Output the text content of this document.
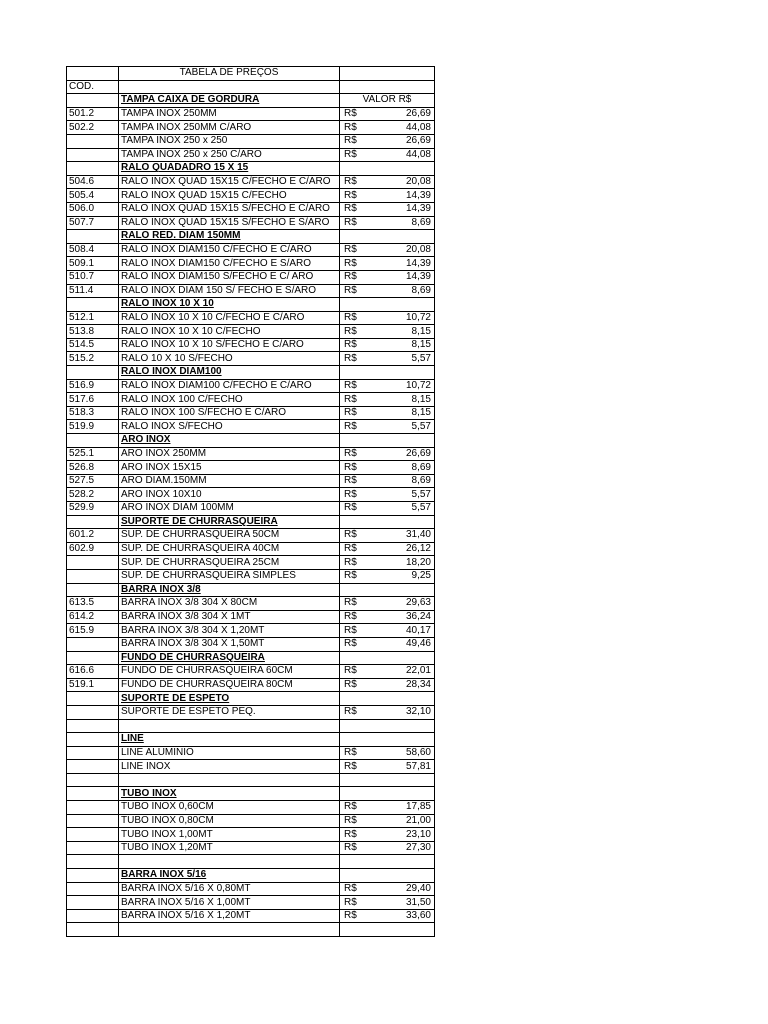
	TABELA DE PREÇOS	
COD.		
	TAMPA CAIXA DE GORDURA	VALOR R$
501.2	TAMPA INOX 250MM	R$ 26,69

502.2	TAMPA INOX 250MM C/ARO	R$ 44,08

	TAMPA INOX 250 x 250	R$ 26,69

	TAMPA INOX 250 x 250 C/ARO	R$ 44,08

	RALO QUADADRO 15 X 15	
504.6	RALO INOX QUAD 15X15 C/FECHO E C/ARO	R$ 20,08

505.4	RALO INOX QUAD 15X15 C/FECHO	R$ 14,39

506.0	RALO INOX QUAD 15X15 S/FECHO E C/ARO	R$ 14,39

507.7	RALO INOX QUAD 15X15 S/FECHO E S/ARO	R$ 8,69

	RALO RED. DIAM 150MM	
508.4	RALO INOX DIAM150 C/FECHO E C/ARO	R$ 20,08

509.1	RALO INOX DIAM150 C/FECHO E S/ARO	R$ 14,39

510.7	RALO INOX DIAM150 S/FECHO E C/ ARO	R$ 14,39

511.4	RALO INOX DIAM 150 S/ FECHO E S/ARO	R$ 8,69

	RALO INOX 10 X 10	
512.1	RALO INOX 10 X 10 C/FECHO E C/ARO	R$ 10,72

513.8	RALO INOX 10 X 10 C/FECHO	R$ 8,15

514.5	RALO INOX 10 X 10 S/FECHO E C/ARO	R$ 8,15

515.2	RALO 10 X 10 S/FECHO	R$ 5,57

	RALO INOX DIAM100	
516.9	RALO INOX DIAM100 C/FECHO E C/ARO	R$ 10,72

517.6	RALO INOX 100 C/FECHO	R$ 8,15

518.3	RALO INOX 100 S/FECHO E C/ARO	R$ 8,15

519.9	RALO INOX S/FECHO	R$ 5,57

	ARO INOX	
525.1	ARO INOX 250MM	R$ 26,69

526.8	ARO INOX 15X15	R$ 8,69

527.5	ARO DIAM.150MM	R$ 8,69

528.2	ARO INOX 10X10	R$ 5,57

529.9	ARO INOX DIAM 100MM	R$ 5,57

	SUPORTE DE CHURRASQUEIRA	
601.2	SUP. DE CHURRASQUEIRA 50CM	R$ 31,40

602.9	SUP. DE CHURRASQUEIRA 40CM	R$ 26,12

	SUP. DE CHURRASQUEIRA 25CM	R$ 18,20

	SUP. DE CHURRASQUEIRA SIMPLES	R$ 9,25

	BARRA INOX 3/8	
613.5	BARRA INOX 3/8 304 X 80CM	R$ 29,63

614.2	BARRA INOX 3/8 304 X 1MT	R$ 36,24

615.9	BARRA INOX 3/8 304 X 1,20MT	R$ 40,17

	BARRA INOX 3/8 304 X 1,50MT	R$ 49,46

	FUNDO DE CHURRASQUEIRA	
616.6	FUNDO DE CHURRASQUEIRA 60CM	R$ 22,01

519.1	FUNDO DE CHURRASQUEIRA 80CM	R$ 28,34

	SUPORTE DE ESPETO	
	SUPORTE DE ESPETO PEQ.	R$ 32,10

	LINE	
	LINE ALUMINIO	R$ 58,60

	LINE INOX	R$ 57,81

	TUBO INOX	
	TUBO INOX 0,60CM	R$ 17,85

	TUBO INOX 0,80CM	R$ 21,00

	TUBO INOX 1,00MT	R$ 23,10

	TUBO INOX 1,20MT	R$ 27,30

	BARRA INOX 5/16	
	BARRA INOX 5/16 X 0,80MT	R$ 29,40

	BARRA INOX 5/16 X 1,00MT	R$ 31,50

	BARRA INOX 5/16 X 1,20MT	R$ 33,60
